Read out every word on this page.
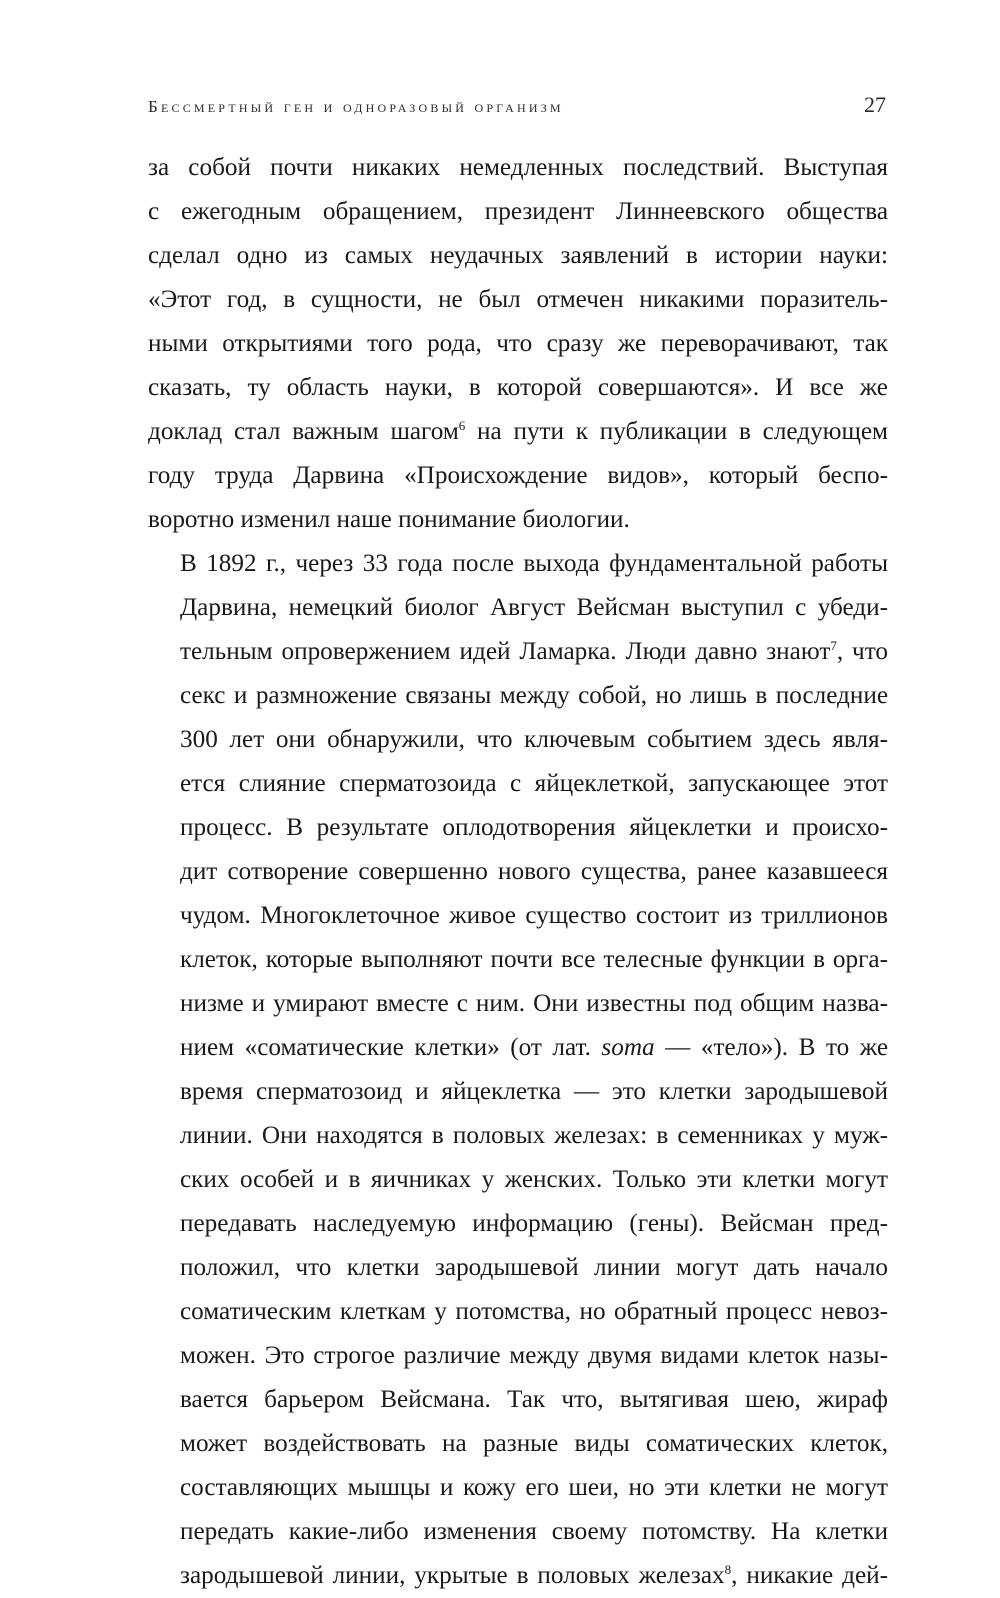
Бессмертный ген и одноразовый организм	27

за собой почти никаких немедленных последствий. Выступая
с ежегодным обращением, президент Линнеевского общества
сделал одно из самых неудачных заявлений в истории науки:
«Этот год, в сущности, не был отмечен никакими поразитель-
ными открытиями того рода, что сразу же переворачивают, так
сказать, ту область науки, в которой совершаются». И все же
доклад стал важным шагом$^6$ на пути к публикации в следующем
году труда Дарвина «Происхождение видов», который беспо-
воротно изменил наше понимание биологии.

В 1892 г., через 33 года после выхода фундаментальной работы
Дарвина, немецкий биолог Август Вейсман выступил с убеди-
тельным опровержением идей Ламарка. Люди давно знают$^7$, что
секс и размножение связаны между собой, но лишь в последние
300 лет они обнаружили, что ключевым событием здесь явля-
ется слияние сперматозоида с яйцеклеткой, запускающее этот
процесс. В результате оплодотворения яйцеклетки и происхо-
дит сотворение совершенно нового существа, ранее казавшееся
чудом. Многоклеточное живое существо состоит из триллионов
клеток, которые выполняют почти все телесные функции в орга-
низме и умирают вместе с ним. Они известны под общим назва-
нием «соматические клетки» (от лат. soma — «тело»). В то же
время сперматозоид и яйцеклетка — это клетки зародышевой
линии. Они находятся в половых железах: в семенниках у муж-
ских особей и в яичниках у женских. Только эти клетки могут
передавать наследуемую информацию (гены). Вейсман пред-
положил, что клетки зародышевой линии могут дать начало
соматическим клеткам у потомства, но обратный процесс невоз-
можен. Это строгое различие между двумя видами клеток назы-
вается барьером Вейсмана. Так что, вытягивая шею, жираф
может воздействовать на разные виды соматических клеток,
составляющих мышцы и кожу его шеи, но эти клетки не могут
передать какие-либо изменения своему потомству. На клетки
зародышевой линии, укрытые в половых железах$^8$, никакие дей-
